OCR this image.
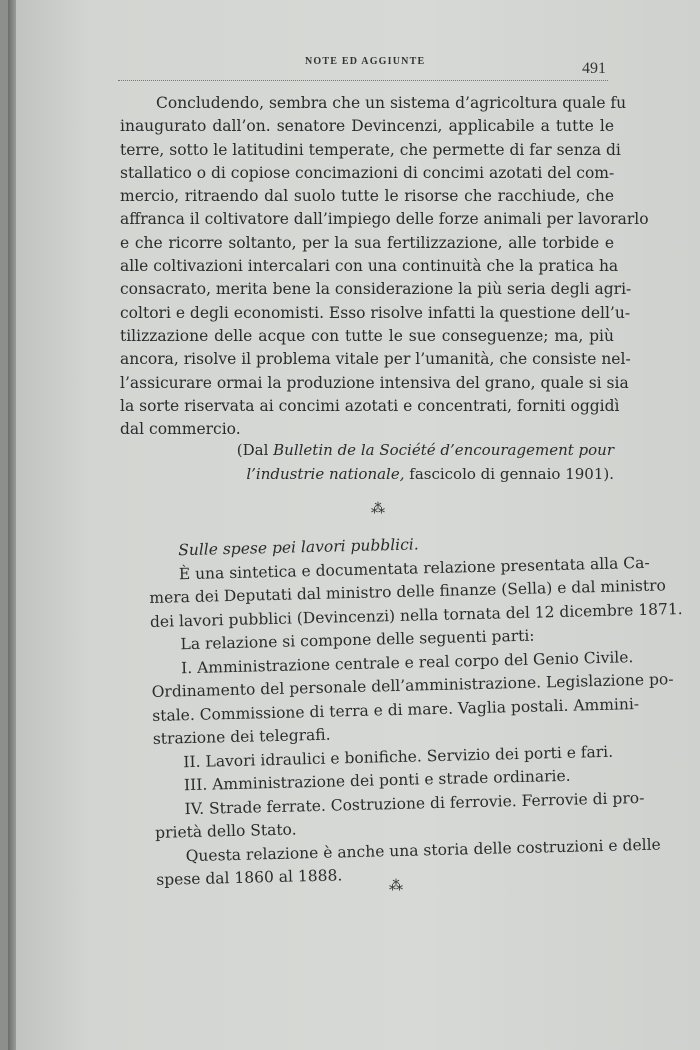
NOTE ED AGGIUNTE	491
Concludendo, sembra che un sistema d’agricoltura quale fu
inaugurato dall’on. senatore Devincenzi, applicabile a tutte le
terre, sotto le latitudini temperate, che permette di far senza di
stallatico o di copiose concimazioni di concimi azotati del com-
mercio, ritraendo dal suolo tutte le risorse che racchiude, che
affranca il coltivatore dall’impiego delle forze animali per lavorarlo
e che ricorre soltanto, per la sua fertilizzazione, alle torbide e
alle coltivazioni intercalari con una continuità che la pratica ha
consacrato, merita bene la considerazione la più seria degli agri-
coltori e degli economisti. Esso risolve infatti la questione dell’u-
tilizzazione delle acque con tutte le sue conseguenze; ma, più
ancora, risolve il problema vitale per l’umanità, che consiste nel-
l’assicurare ormai la produzione intensiva del grano, quale si sia
la sorte riservata ai concimi azotati e concentrati, forniti oggidì
dal commercio.
(Dal Bulletin de la Société d’encouragement pour
l’industrie nationale, fascicolo di gennaio 1901).
⁂
Sulle spese pei lavori pubblici.
È una sintetica e documentata relazione presentata alla Ca-
mera dei Deputati dal ministro delle finanze (Sella) e dal ministro
dei lavori pubblici (Devincenzi) nella tornata del 12 dicembre 1871.
La relazione si compone delle seguenti parti:
I. Amministrazione centrale e real corpo del Genio Civile.
Ordinamento del personale dell’amministrazione. Legislazione po-
stale. Commissione di terra e di mare. Vaglia postali. Ammini-
strazione dei telegrafi.
II. Lavori idraulici e bonifiche. Servizio dei porti e fari.
III. Amministrazione dei ponti e strade ordinarie.
IV. Strade ferrate. Costruzione di ferrovie. Ferrovie di pro-
prietà dello Stato.
Questa relazione è anche una storia delle costruzioni e delle
spese dal 1860 al 1888.	⁂
